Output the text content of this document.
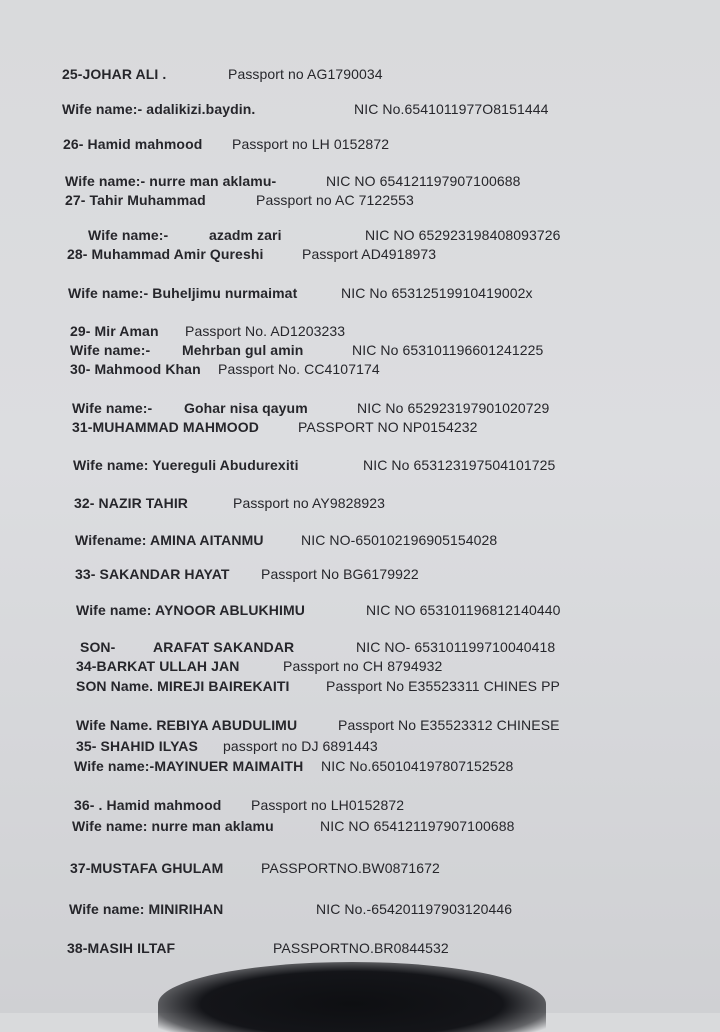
25-JOHAR ALI .	Passport no AG1790034
Wife name:- adalikizi.baydin.	NIC No.6541011977O8151444
26- Hamid mahmood Passport no LH 0152872
Wife name:- nurre man aklamu-	NIC NO 654121197907100688
27- Tahir Muhammad	Passport no AC 7122553
Wife name:-	azadm zari	NIC NO 652923198408093726
28- Muhammad Amir Qureshi	Passport AD4918973
Wife name:- Buheljimu nurmaimat	NIC No 65312519910419002x
29- Mir Aman Passport No. AD1203233
Wife name:- Mehrban gul amin	NIC No 653101196601241225
30- Mahmood Khan Passport No. CC4107174
Wife name:- Gohar nisa qayum	NIC No 652923197901020729
31-MUHAMMAD MAHMOOD	PASSPORT NO NP0154232
Wife name: Yuereguli Abudurexiti	NIC No 653123197504101725
32- NAZIR TAHIR	Passport no AY9828923
Wifename: AMINA AITANMU	NIC NO-650102196905154028
33- SAKANDAR HAYAT Passport No BG6179922
Wife name: AYNOOR ABLUKHIMU	NIC NO 653101196812140440
SON-	ARAFAT SAKANDAR	NIC NO- 653101199710040418
34-BARKAT ULLAH JAN	Passport no CH 8794932
SON Name. MIREJI BAIREKAITI	Passport No E35523311 CHINES PP
Wife Name. REBIYA ABUDULIMU	Passport No E35523312 CHINESE
35- SHAHID ILYAS passport no DJ 6891443
Wife name:-MAYINUER MAIMAITH NIC No.650104197807152528
36- . Hamid mahmood Passport no LH0152872
Wife name: nurre man aklamu	NIC NO 654121197907100688
37-MUSTAFA GHULAM	PASSPORTNO.BW0871672
Wife name: MINIRIHAN	NIC No.-654201197903120446
38-MASIH ILTAF	PASSPORTNO.BR0844532
